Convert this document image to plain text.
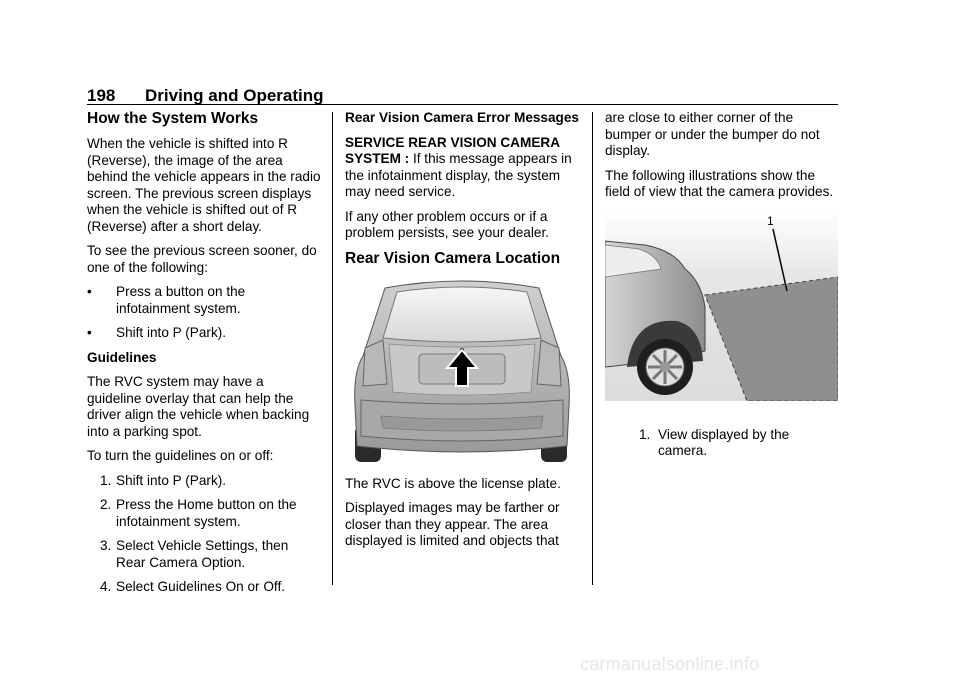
198 Driving and Operating
How the System Works

When the vehicle is shifted into R (Reverse), the image of the area behind the vehicle appears in the radio screen. The previous screen displays when the vehicle is shifted out of R (Reverse) after a short delay.

To see the previous screen sooner, do one of the following:

• Press a button on the infotainment system.
• Shift into P (Park).

Guidelines

The RVC system may have a guideline overlay that can help the driver align the vehicle when backing into a parking spot.

To turn the guidelines on or off:

1. Shift into P (Park).
2. Press the Home button on the infotainment system.
3. Select Vehicle Settings, then Rear Camera Option.
4. Select Guidelines On or Off.

Rear Vision Camera Error Messages

SERVICE REAR VISION CAMERA SYSTEM : If this message appears in the infotainment display, the system may need service.

If any other problem occurs or if a problem persists, see your dealer.

Rear Vision Camera Location

The RVC is above the license plate.

Displayed images may be farther or closer than they appear. The area displayed is limited and objects that

are close to either corner of the bumper or under the bumper do not display.

The following illustrations show the field of view that the camera provides.

1
1. View displayed by the camera.
carmanualsonline.info
